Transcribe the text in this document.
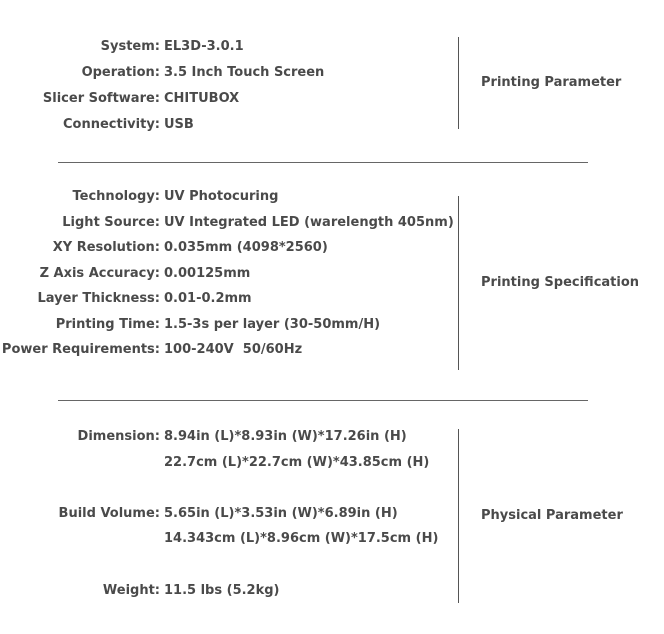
System: EL3D-3.0.1
Operation: 3.5 Inch Touch Screen
Slicer Software: CHITUBOX
Connectivity: USB
Printing Parameter
Technology: UV Photocuring
Light Source: UV Integrated LED (warelength 405nm)
XY Resolution: 0.035mm (4098*2560)
Z Axis Accuracy: 0.00125mm
Layer Thickness: 0.01-0.2mm
Printing Time: 1.5-3s per layer (30-50mm/H)
Power Requirements: 100-240V  50/60Hz
Printing Specification
Dimension: 8.94in (L)*8.93in (W)*17.26in (H)
22.7cm (L)*22.7cm (W)*43.85cm (H)
Build Volume: 5.65in (L)*3.53in (W)*6.89in (H)
14.343cm (L)*8.96cm (W)*17.5cm (H)
Weight: 11.5 lbs (5.2kg)
Physical Parameter
